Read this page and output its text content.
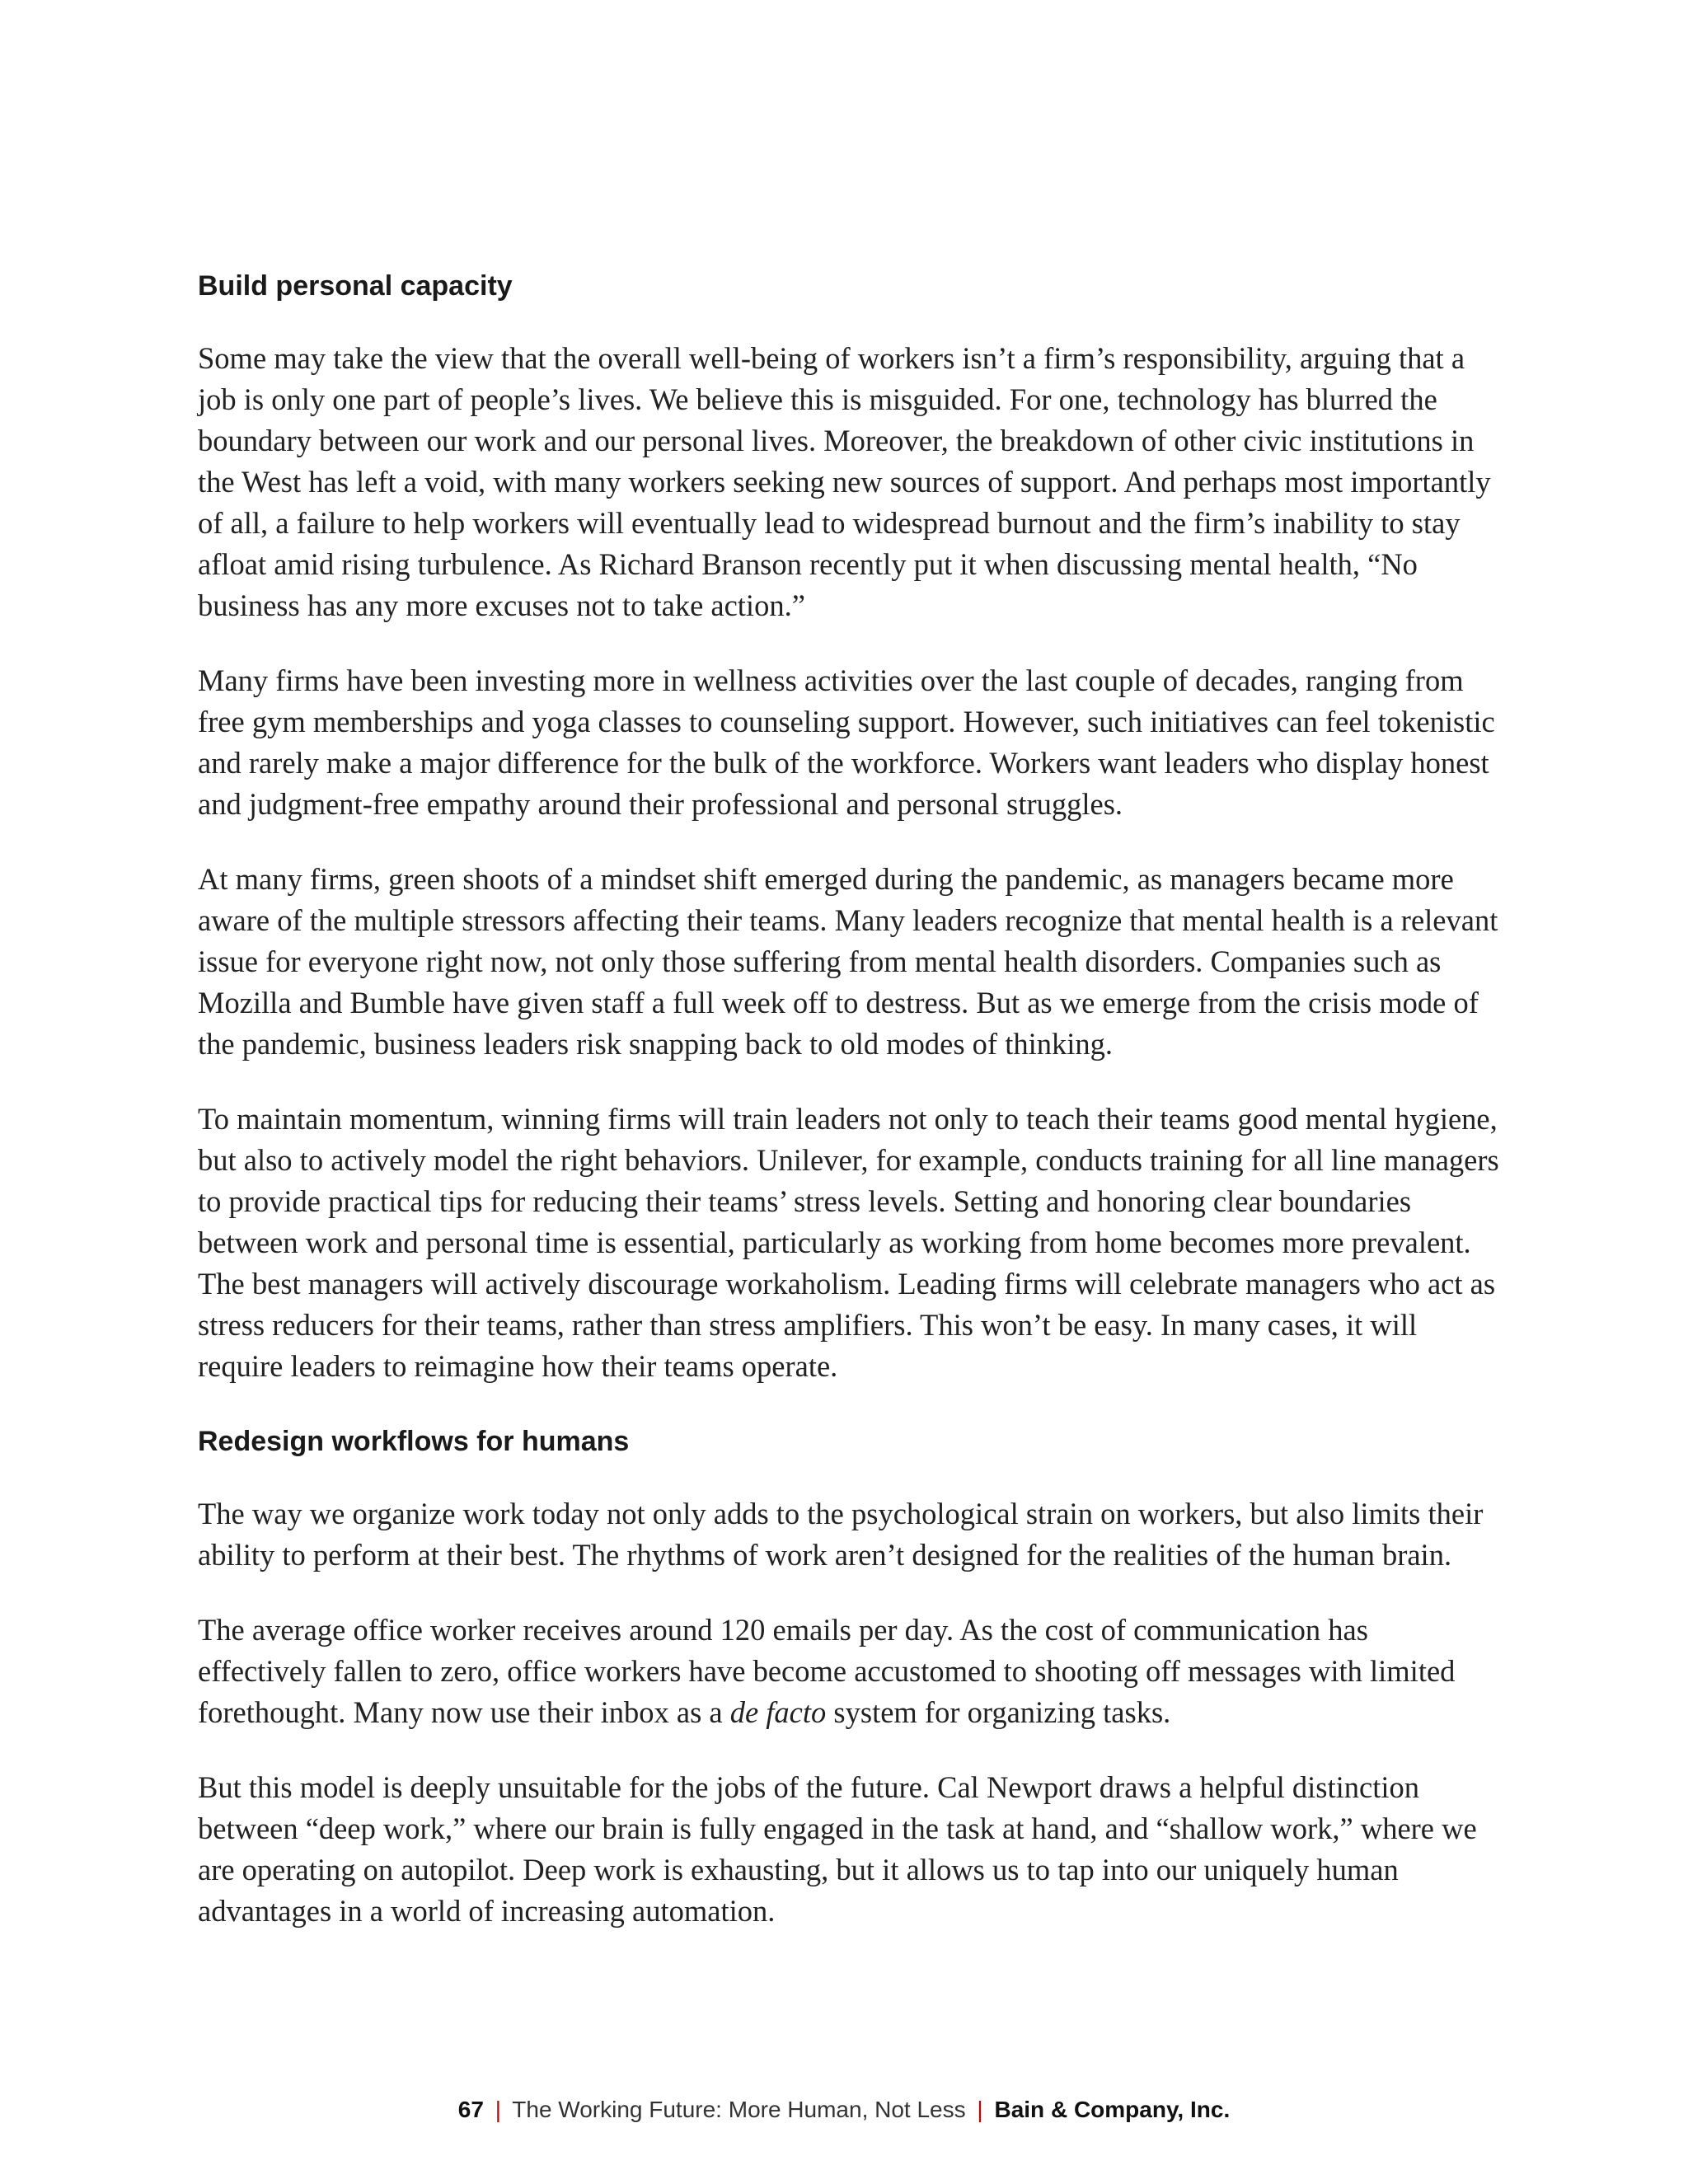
Build personal capacity

Some may take the view that the overall well-being of workers isn’t a firm’s responsibility, arguing that a job is only one part of people’s lives. We believe this is misguided. For one, technology has blurred the boundary between our work and our personal lives. Moreover, the breakdown of other civic institutions in the West has left a void, with many workers seeking new sources of support. And perhaps most importantly of all, a failure to help workers will eventually lead to widespread burnout and the firm’s inability to stay afloat amid rising turbulence. As Richard Branson recently put it when discussing mental health, “No business has any more excuses not to take action.”

Many firms have been investing more in wellness activities over the last couple of decades, ranging from free gym memberships and yoga classes to counseling support. However, such initiatives can feel tokenistic and rarely make a major difference for the bulk of the workforce. Workers want leaders who display honest and judgment-free empathy around their professional and personal struggles.

At many firms, green shoots of a mindset shift emerged during the pandemic, as managers became more aware of the multiple stressors affecting their teams. Many leaders recognize that mental health is a relevant issue for everyone right now, not only those suffering from mental health disorders. Companies such as Mozilla and Bumble have given staff a full week off to destress. But as we emerge from the crisis mode of the pandemic, business leaders risk snapping back to old modes of thinking.

To maintain momentum, winning firms will train leaders not only to teach their teams good mental hygiene, but also to actively model the right behaviors. Unilever, for example, conducts training for all line managers to provide practical tips for reducing their teams’ stress levels. Setting and honoring clear boundaries between work and personal time is essential, particularly as working from home becomes more prevalent. The best managers will actively discourage workaholism. Leading firms will celebrate managers who act as stress reducers for their teams, rather than stress amplifiers. This won’t be easy. In many cases, it will require leaders to reimagine how their teams operate.

Redesign workflows for humans

The way we organize work today not only adds to the psychological strain on workers, but also limits their ability to perform at their best. The rhythms of work aren’t designed for the realities of the human brain.

The average office worker receives around 120 emails per day. As the cost of communication has effectively fallen to zero, office workers have become accustomed to shooting off messages with limited forethought. Many now use their inbox as a de facto system for organizing tasks.

But this model is deeply unsuitable for the jobs of the future. Cal Newport draws a helpful distinction between “deep work,” where our brain is fully engaged in the task at hand, and “shallow work,” where we are operating on autopilot. Deep work is exhausting, but it allows us to tap into our uniquely human advantages in a world of increasing automation.

67 | The Working Future: More Human, Not Less | Bain & Company, Inc.
